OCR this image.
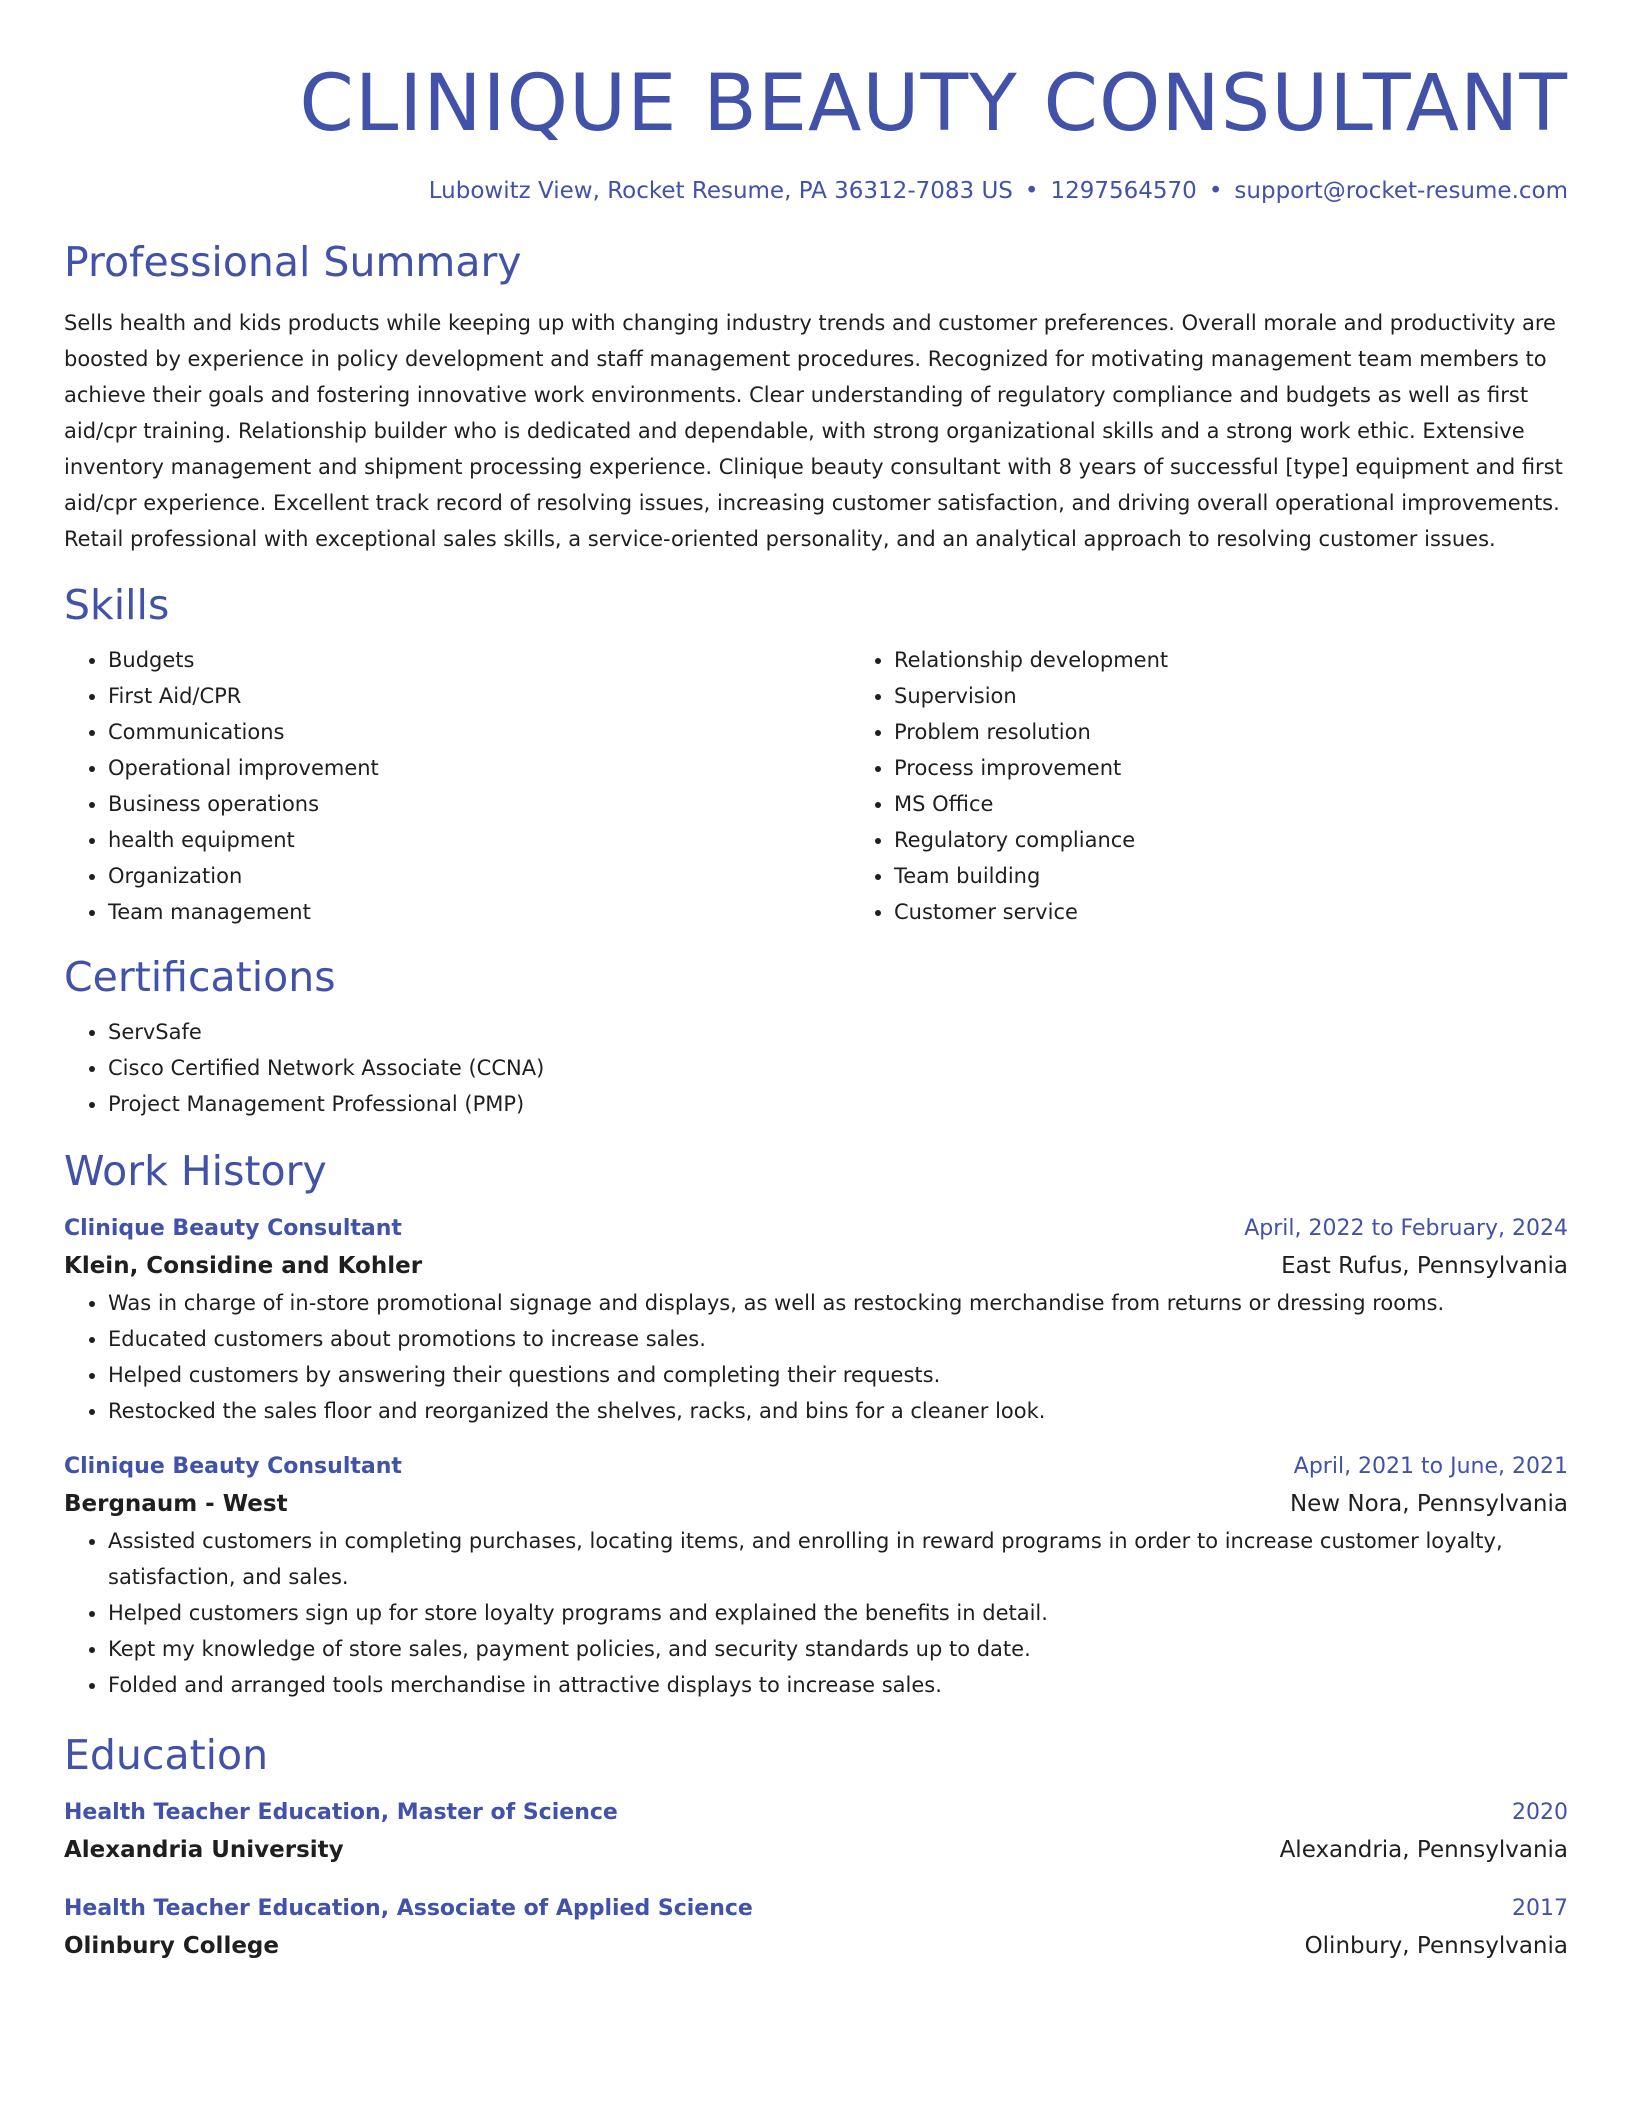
CLINIQUE BEAUTY CONSULTANT
Lubowitz View, Rocket Resume, PA 36312-7083 US • 1297564570 • support@rocket-resume.com
Professional Summary

Sells health and kids products while keeping up with changing industry trends and customer preferences. Overall morale and productivity are boosted by experience in policy development and staff management procedures. Recognized for motivating management team members to achieve their goals and fostering innovative work environments. Clear understanding of regulatory compliance and budgets as well as first aid/cpr training. Relationship builder who is dedicated and dependable, with strong organizational skills and a strong work ethic. Extensive inventory management and shipment processing experience. Clinique beauty consultant with 8 years of successful [type] equipment and first aid/cpr experience. Excellent track record of resolving issues, increasing customer satisfaction, and driving overall operational improvements. Retail professional with exceptional sales skills, a service-oriented personality, and an analytical approach to resolving customer issues.

Skills
• Budgets
• First Aid/CPR
• Communications
• Operational improvement
• Business operations
• health equipment
• Organization
• Team management
• Relationship development
• Supervision
• Problem resolution
• Process improvement
• MS Office
• Regulatory compliance
• Team building
• Customer service
Certifications
• ServSafe
• Cisco Certified Network Associate (CCNA)
• Project Management Professional (PMP)
Work History
Clinique Beauty Consultant	April, 2022 to February, 2024
Klein, Considine and Kohler	East Rufus, Pennsylvania
• Was in charge of in-store promotional signage and displays, as well as restocking merchandise from returns or dressing rooms.
• Educated customers about promotions to increase sales.
• Helped customers by answering their questions and completing their requests.
• Restocked the sales floor and reorganized the shelves, racks, and bins for a cleaner look.
Clinique Beauty Consultant	April, 2021 to June, 2021
Bergnaum - West	New Nora, Pennsylvania
• Assisted customers in completing purchases, locating items, and enrolling in reward programs in order to increase customer loyalty, satisfaction, and sales.
• Helped customers sign up for store loyalty programs and explained the benefits in detail.
• Kept my knowledge of store sales, payment policies, and security standards up to date.
• Folded and arranged tools merchandise in attractive displays to increase sales.
Education
Health Teacher Education, Master of Science	2020
Alexandria University	Alexandria, Pennsylvania
Health Teacher Education, Associate of Applied Science	2017
Olinbury College	Olinbury, Pennsylvania
